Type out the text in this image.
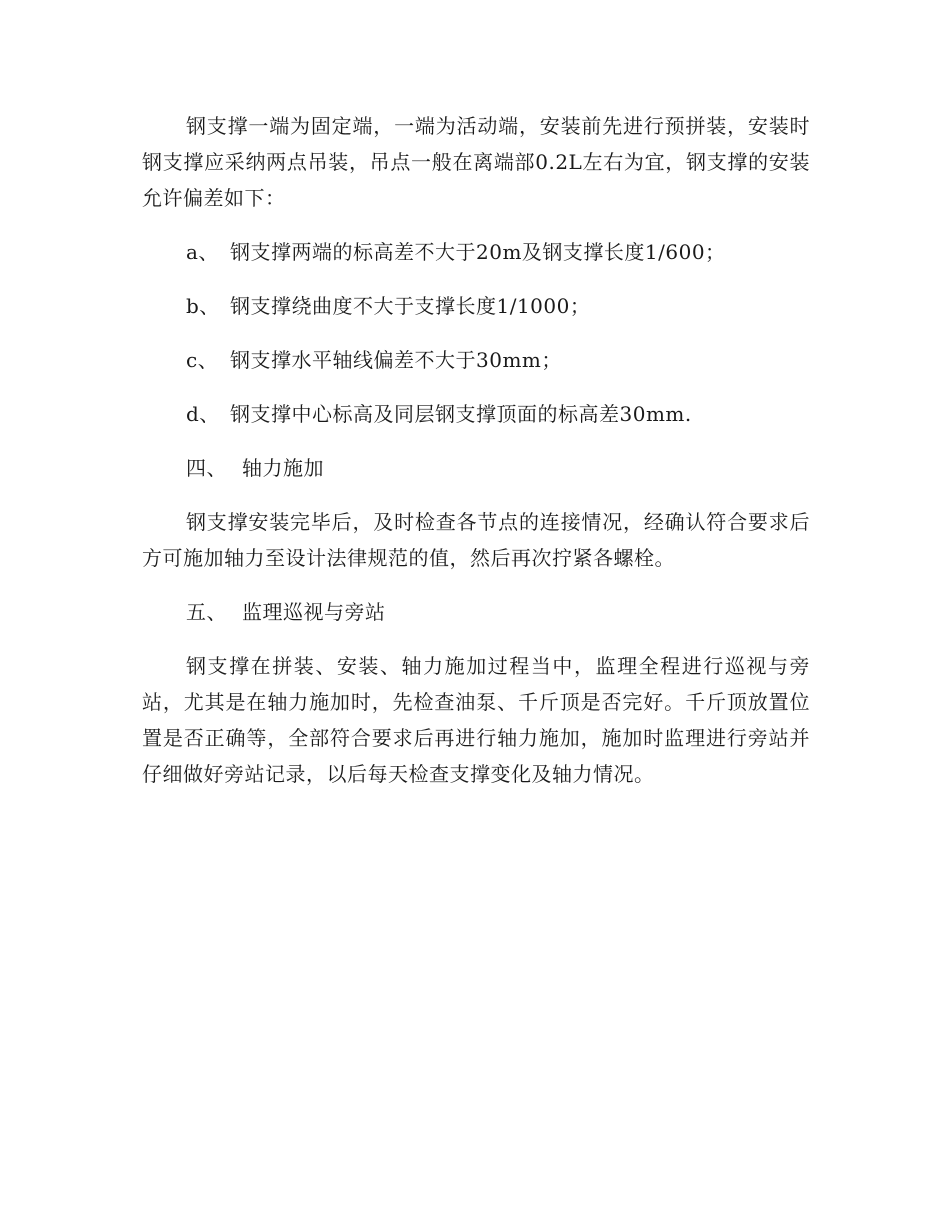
钢支撑一端为固定端，一端为活动端，安装前先进行预拼装，安装时钢支撑应采纳两点吊装，吊点一般在离端部0.2L左右为宜，钢支撑的安装允许偏差如下：

a、 钢支撑两端的标高差不大于20m及钢支撑长度1/600；

b、 钢支撑绕曲度不大于支撑长度1/1000；

c、 钢支撑水平轴线偏差不大于30mm；

d、 钢支撑中心标高及同层钢支撑顶面的标高差30mm.

四、 轴力施加

钢支撑安装完毕后，及时检查各节点的连接情况，经确认符合要求后方可施加轴力至设计法律规范的值，然后再次拧紧各螺栓。

五、 监理巡视与旁站

钢支撑在拼装、安装、轴力施加过程当中，监理全程进行巡视与旁站，尤其是在轴力施加时，先检查油泵、千斤顶是否完好。千斤顶放置位置是否正确等，全部符合要求后再进行轴力施加，施加时监理进行旁站并仔细做好旁站记录，以后每天检查支撑变化及轴力情况。
